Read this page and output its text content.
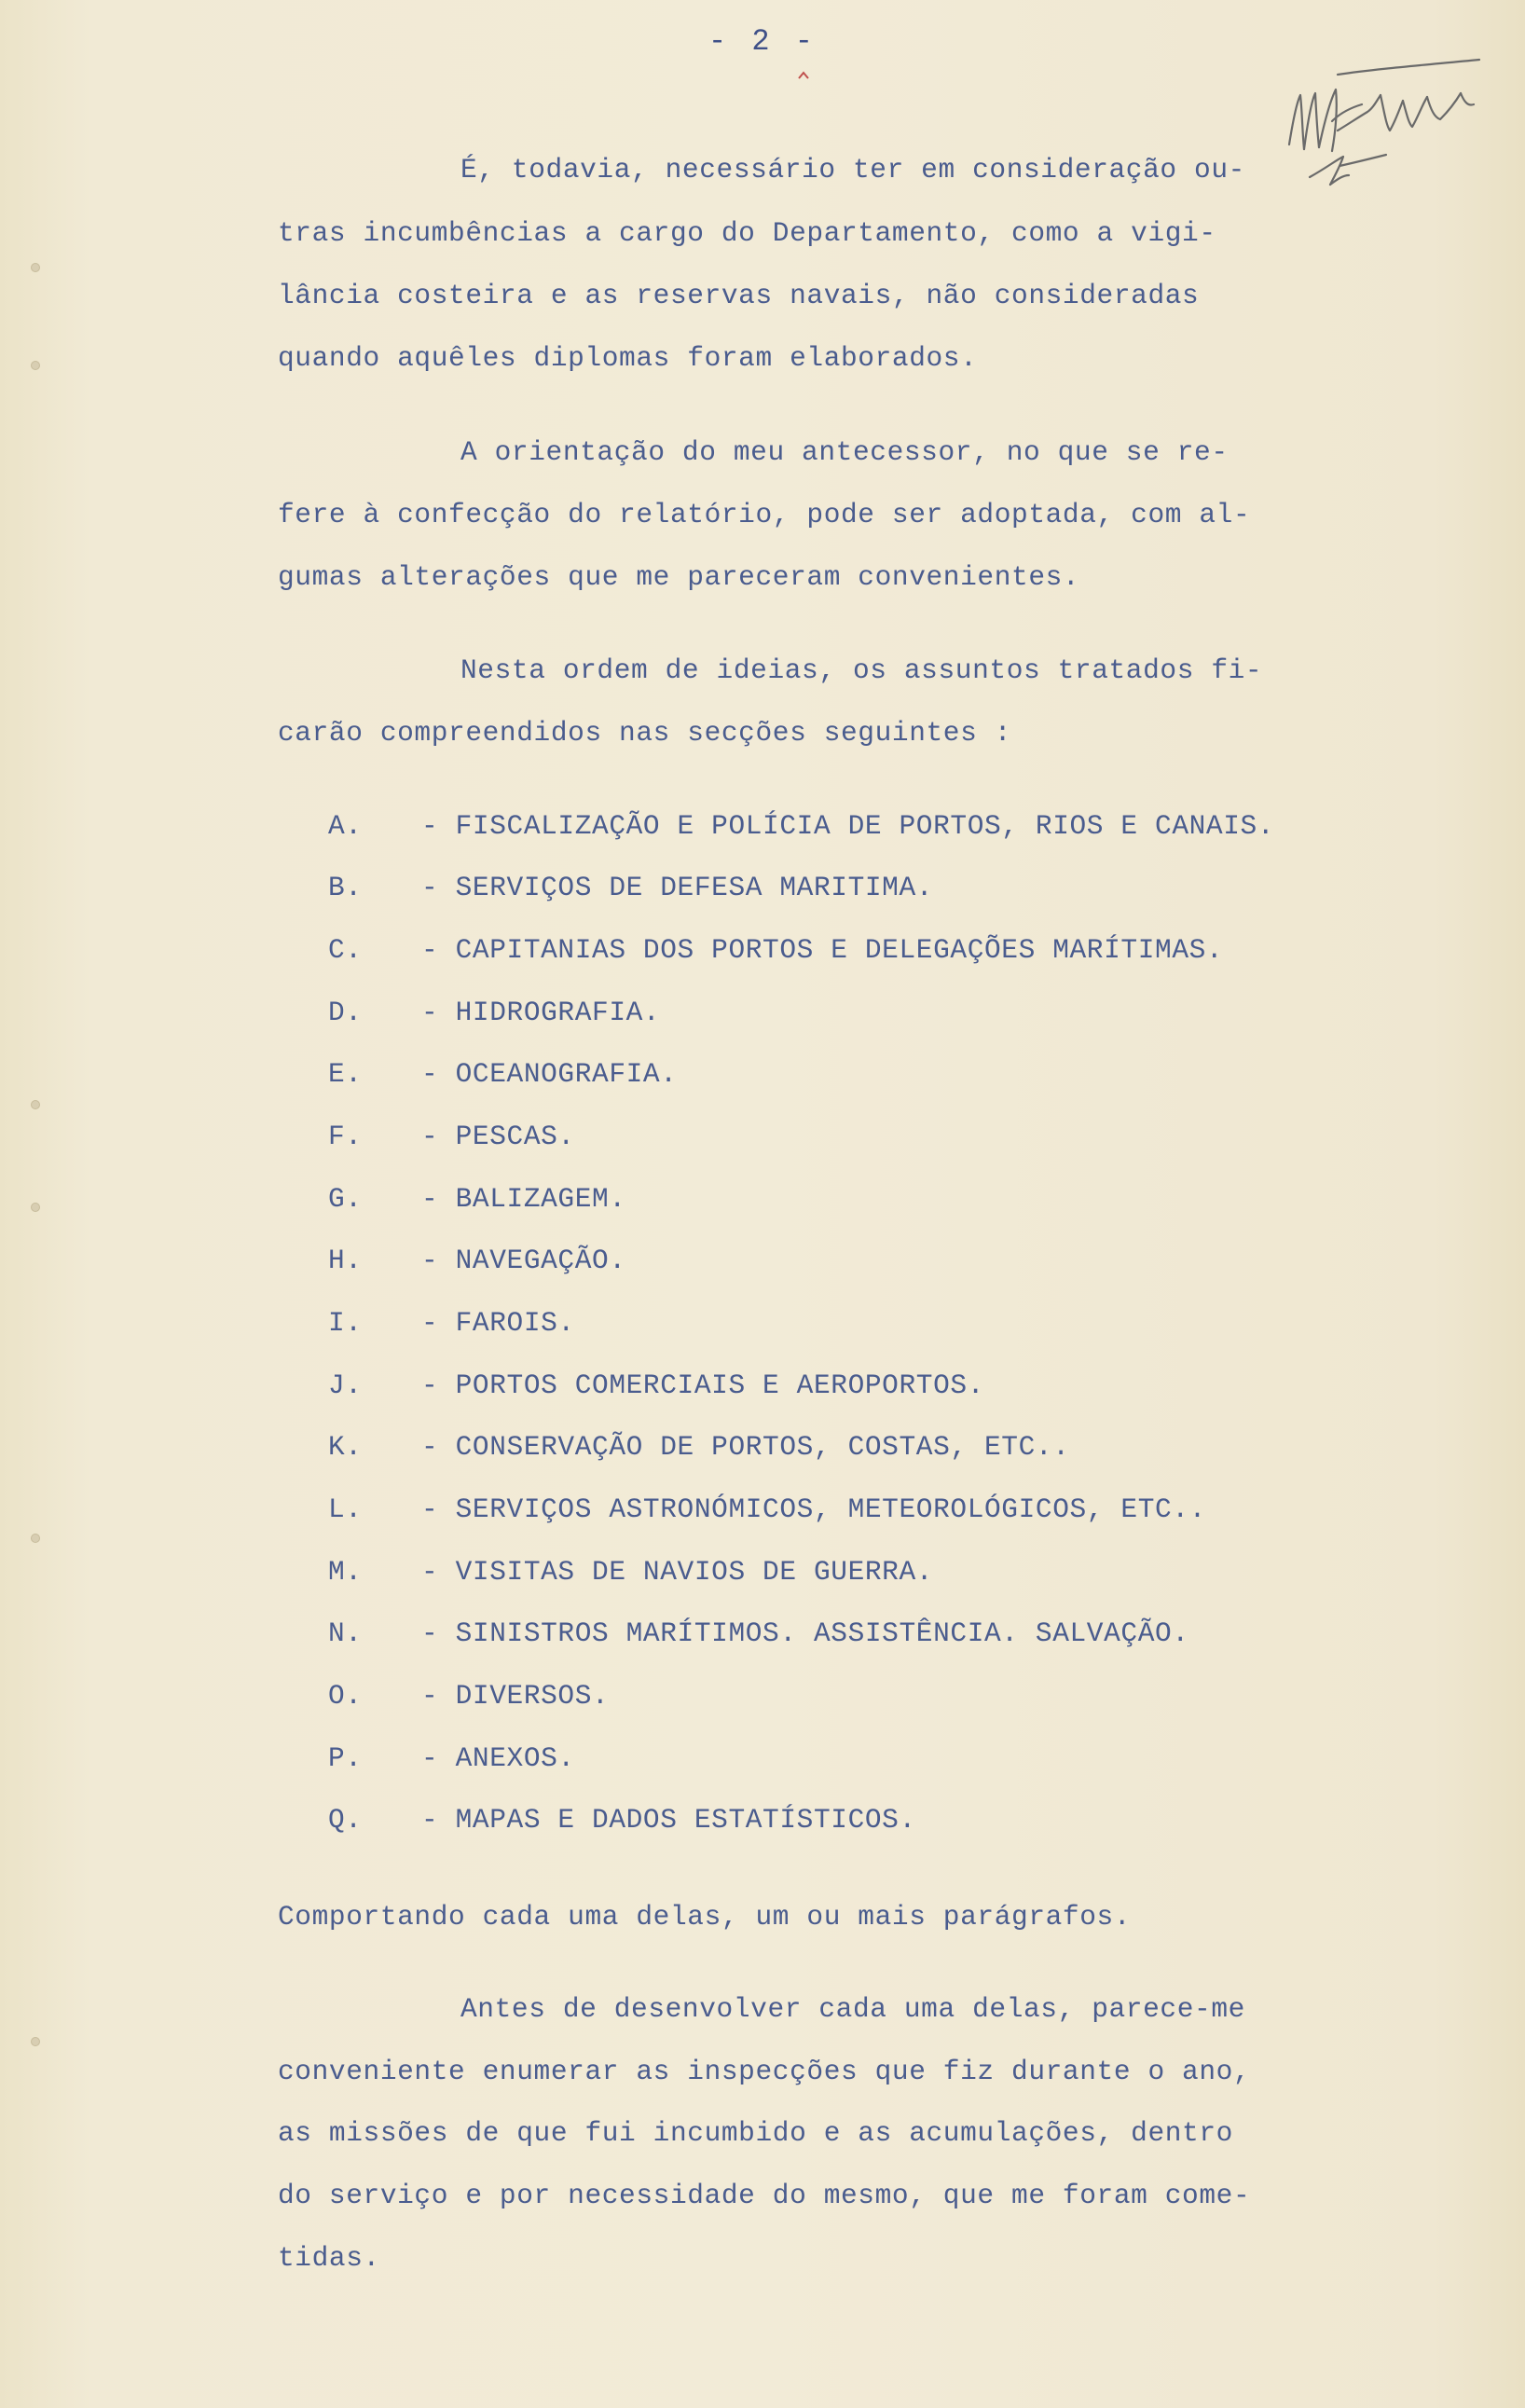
- 2 -
É, todavia, necessário ter em consideração ou-
tras incumbências a cargo do Departamento, como a vigi-
lância costeira e as reservas navais, não consideradas
quando aquêles diplomas foram elaborados.
A orientação do meu antecessor, no que se re-
fere à confecção do relatório, pode ser adoptada, com al-
gumas alterações que me pareceram convenientes.
Nesta ordem de ideias, os assuntos tratados fi-
carão compreendidos nas secções seguintes :
A. - FISCALIZAÇÃO E POLÍCIA DE PORTOS, RIOS E CANAIS.
B. - SERVIÇOS DE DEFESA MARITIMA.
C. - CAPITANIAS DOS PORTOS E DELEGAÇÕES MARÍTIMAS.
D. - HIDROGRAFIA.
E. - OCEANOGRAFIA.
F. - PESCAS.
G. - BALIZAGEM.
H. - NAVEGAÇÃO.
I. - FAROIS.
J. - PORTOS COMERCIAIS E AEROPORTOS.
K. - CONSERVAÇÃO DE PORTOS, COSTAS, ETC..
L. - SERVIÇOS ASTRONÓMICOS, METEOROLÓGICOS, ETC..
M. - VISITAS DE NAVIOS DE GUERRA.
N. - SINISTROS MARÍTIMOS. ASSISTÊNCIA. SALVAÇÃO.
O. - DIVERSOS.
P. - ANEXOS.
Q. - MAPAS E DADOS ESTATÍSTICOS.
Comportando cada uma delas, um ou mais parágrafos.
Antes de desenvolver cada uma delas, parece-me
conveniente enumerar as inspecções que fiz durante o ano,
as missões de que fui incumbido e as acumulações, dentro
do serviço e por necessidade do mesmo, que me foram come-
tidas.
